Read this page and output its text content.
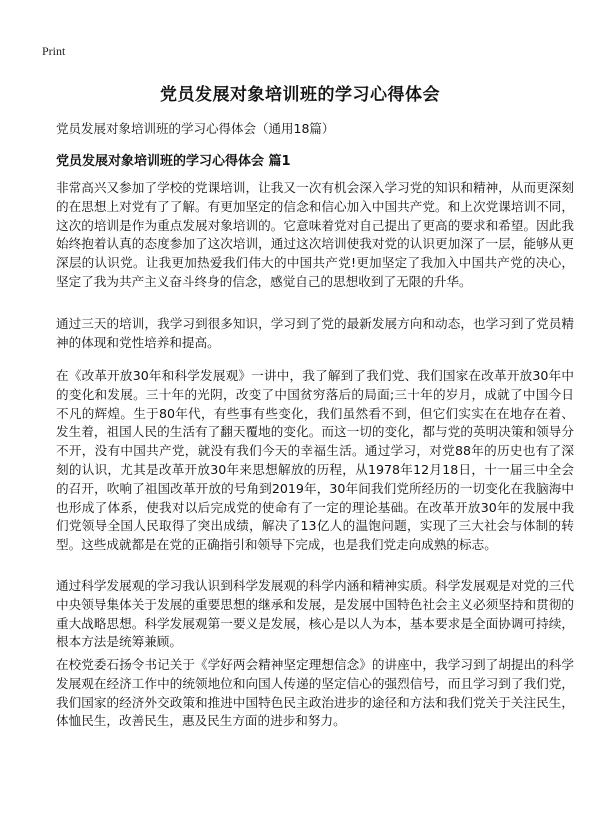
Print
党员发展对象培训班的学习心得体会

党员发展对象培训班的学习心得体会（通用18篇）

党员发展对象培训班的学习心得体会 篇1

非常高兴又参加了学校的党课培训，让我又一次有机会深入学习党的知识和精神，从而更深刻的在思想上对党有了了解。有更加坚定的信念和信心加入中国共产党。和上次党课培训不同，这次的培训是作为重点发展对象培训的。它意味着党对自己提出了更高的要求和希望。因此我始终抱着认真的态度参加了这次培训，通过这次培训使我对党的认识更加深了一层，能够从更深层的认识党。让我更加热爱我们伟大的中国共产党!更加坚定了我加入中国共产党的决心，坚定了我为共产主义奋斗终身的信念，感觉自己的思想收到了无限的升华。

通过三天的培训，我学习到很多知识，学习到了党的最新发展方向和动态，也学习到了党员精神的体现和党性培养和提高。

在《改革开放30年和科学发展观》一讲中，我了解到了我们党、我们国家在改革开放30年中的变化和发展。三十年的光阴，改变了中国贫穷落后的局面;三十年的岁月，成就了中国今日不凡的辉煌。生于80年代，有些事有些变化，我们虽然看不到，但它们实实在在地存在着、发生着，祖国人民的生活有了翻天覆地的变化。而这一切的变化，都与党的英明决策和领导分不开，没有中国共产党，就没有我们今天的幸福生活。通过学习，对党88年的历史也有了深刻的认识，尤其是改革开放30年来思想解放的历程，从1978年12月18日，十一届三中全会的召开，吹响了祖国改革开放的号角到2019年，30年间我们党所经历的一切变化在我脑海中也形成了体系，使我对以后完成党的使命有了一定的理论基础。在改革开放30年的发展中我们党领导全国人民取得了突出成绩，解决了13亿人的温饱问题，实现了三大社会与体制的转型。这些成就都是在党的正确指引和领导下完成，也是我们党走向成熟的标志。

通过科学发展观的学习我认识到科学发展观的科学内涵和精神实质。科学发展观是对党的三代中央领导集体关于发展的重要思想的继承和发展，是发展中国特色社会主义必须坚持和贯彻的重大战略思想。科学发展观第一要义是发展，核心是以人为本，基本要求是全面协调可持续，根本方法是统筹兼顾。

在校党委石扬令书记关于《学好两会精神坚定理想信念》的讲座中，我学习到了胡提出的科学发展观在经济工作中的统领地位和向国人传递的坚定信心的强烈信号，而且学习到了我们党，我们国家的经济外交政策和推进中国特色民主政治进步的途径和方法和我们党关于关注民生，体恤民生，改善民生，惠及民生方面的进步和努力。
